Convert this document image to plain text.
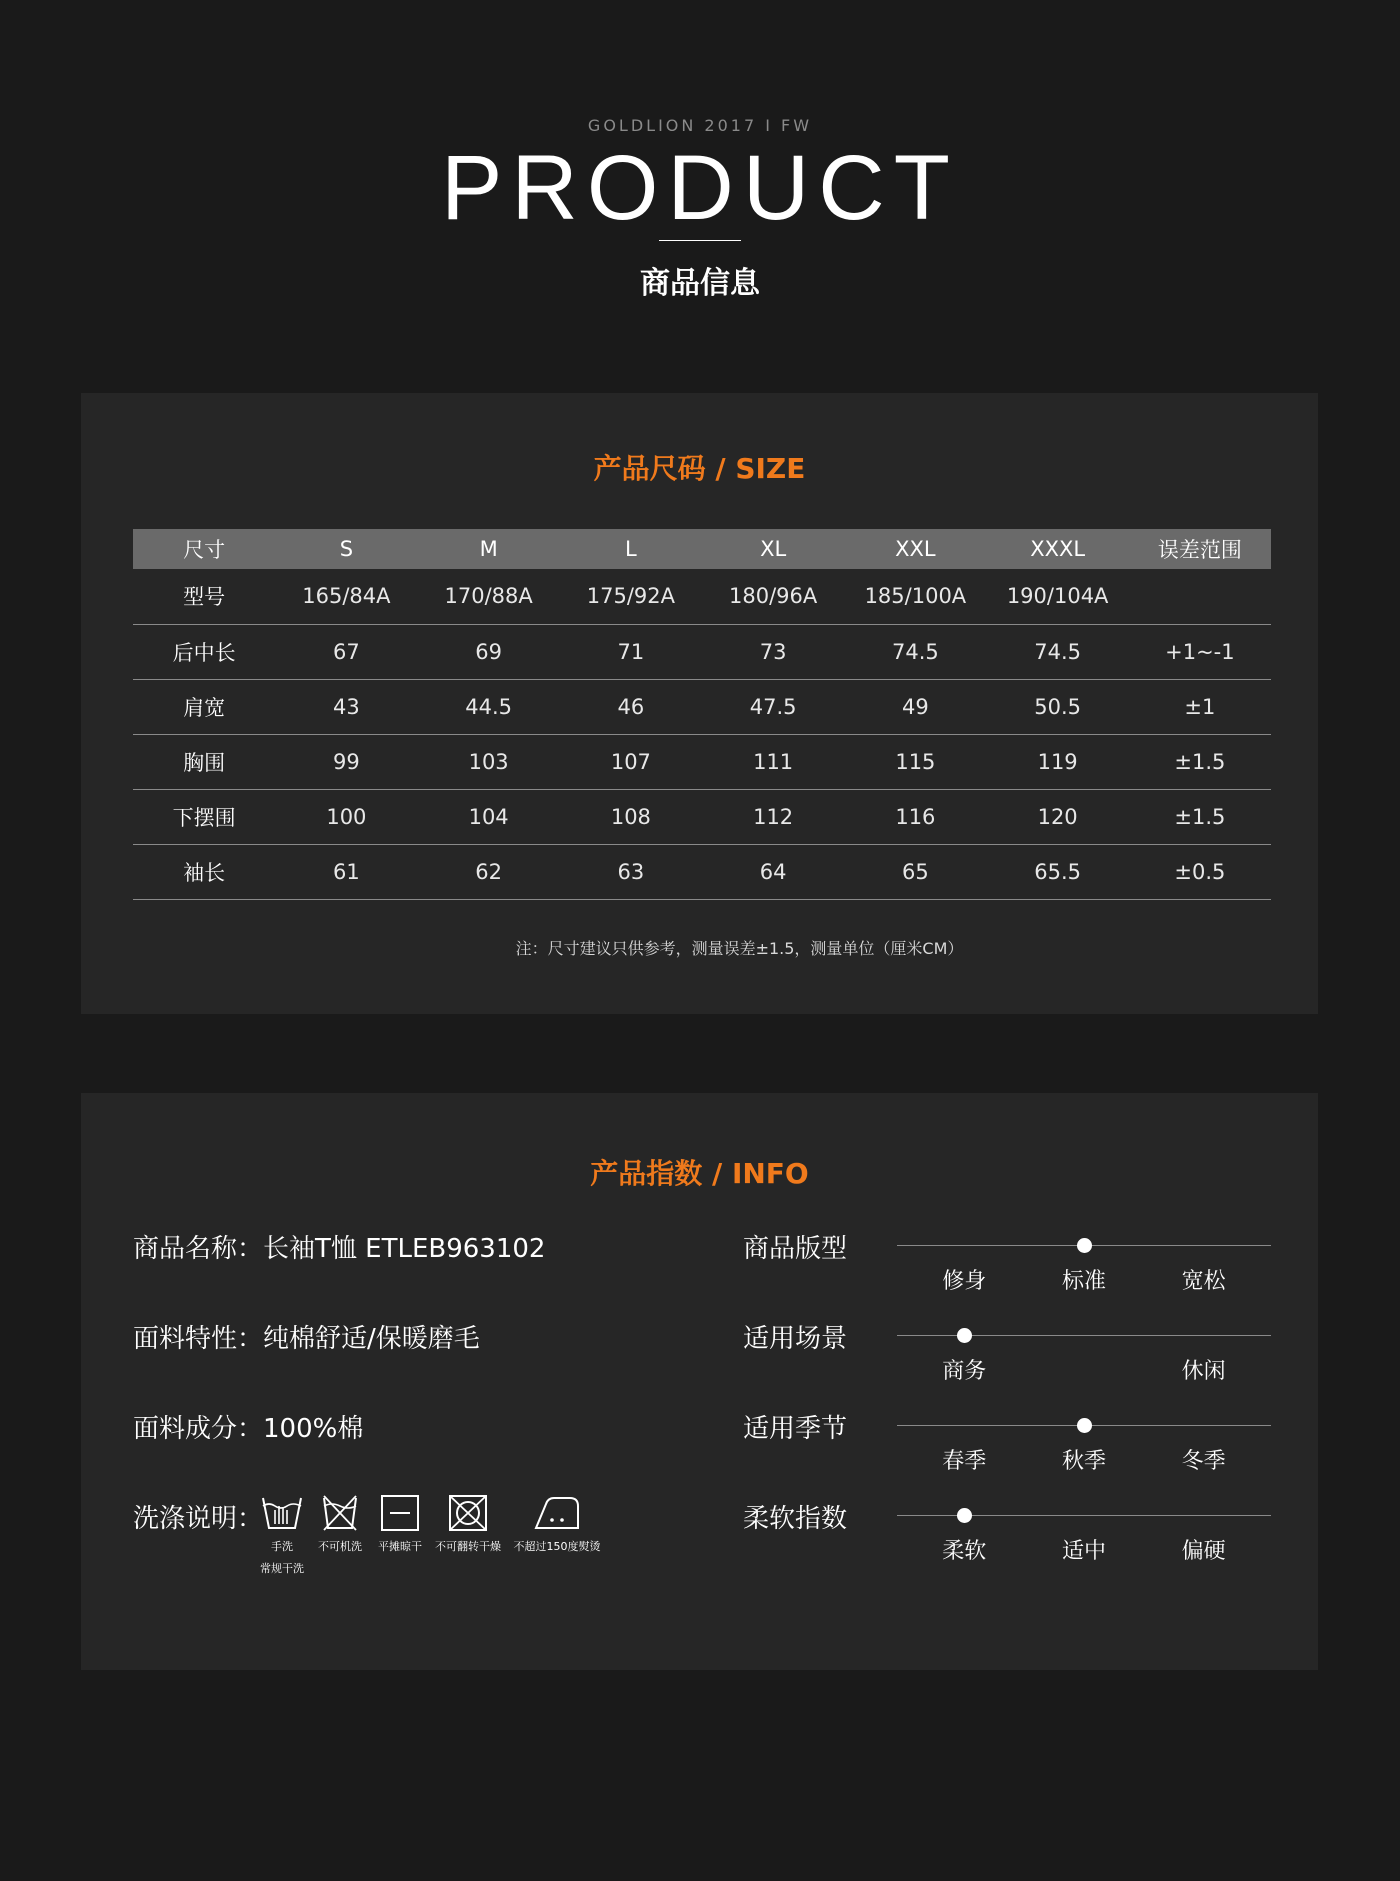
GOLDLION 2017 I FW
PRODUCT
商品信息
产品尺码 / SIZE
尺寸	S	M	L	XL	XXL	XXXL	误差范围
型号	165/84A	170/88A	175/92A	180/96A	185/100A	190/104A	
后中长	67	69	71	73	74.5	74.5	+1~-1
肩宽	43	44.5	46	47.5	49	50.5	±1
胸围	99	103	107	111	115	119	±1.5
下摆围	100	104	108	112	116	120	±1.5
袖长	61	62	63	64	65	65.5	±0.5
注：尺寸建议只供参考，测量误差±1.5，测量单位（厘米CM）
产品指数 / INFO
商品名称：长袖T恤 ETLEB963102
面料特性：纯棉舒适/保暖磨毛
面料成分：100%棉
洗涤说明：
手洗
常规干洗
不可机洗	平摊晾干	不可翻转干燥 不超过150度熨烫
商品版型
修身	标准	宽松
适用场景
商务	休闲
适用季节
春季	秋季	冬季
柔软指数
柔软	适中	偏硬
